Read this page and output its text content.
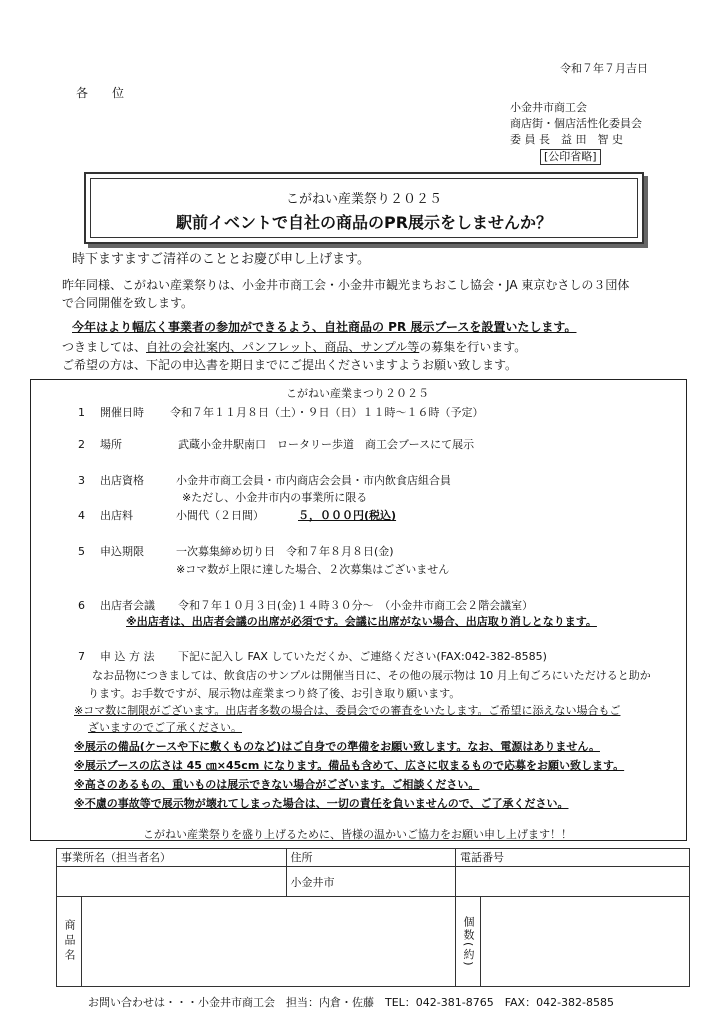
令和７年７月吉日
各　位
小金井市商工会
商店街・個店活性化委員会
委 員 長　益 田　智 史
[公印省略]
こがねい産業祭り２０２５
駅前イベントで自社の商品のPR展示をしませんか？
時下ますますご清祥のこととお慶び申し上げます。
昨年同様、こがねい産業祭りは、小金井市商工会・小金井市観光まちおこし協会・JA 東京むさしの３団体
で合同開催を致します。
今年はより幅広く事業者の参加ができるよう、自社商品の PR 展示ブースを設置いたします。
つきましては、自社の会社案内、パンフレット、商品、サンプル等の募集を行います。
ご希望の方は、下記の申込書を期日までにご提出くださいますようお願い致します。
こがねい産業まつり２０２５
1 開催日時 令和７年１１月８日（土）・９日（日）１１時～１６時（予定）
2 場所	武蔵小金井駅南口　ロータリー歩道　商工会ブースにて展示
3 出店資格	小金井市商工会員・市内商店会会員・市内飲食店組合員
※ただし、小金井市内の事業所に限る
4 出店料	小間代（２日間）	５，０００円(税込)
5 申込期限	一次募集締め切り日　令和７年８月８日(金)
※コマ数が上限に達した場合、２次募集はございません
6 出店者会議 令和７年１０月３日(金)１４時３０分～　（小金井市商工会２階会議室）
※出店者は、出店者会議の出席が必須です。会議に出席がない場合、出店取り消しとなります。
7 申 込 方 法 下記に記入し FAX していただくか、ご連絡ください(FAX:042-382-8585)
なお品物につきましては、飲食店のサンプルは開催当日に、その他の展示物は 10 月上旬ごろにいただけると助か
ります。お手数ですが、展示物は産業まつり終了後、お引き取り願います。
※コマ数に制限がございます。出店者多数の場合は、委員会での審査をいたします。ご希望に添えない場合もご
ざいますのでご了承ください。
※展示の備品(ケースや下に敷くものなど)はご自身での準備をお願い致します。なお、電源はありません。
※展示ブースの広さは 45 ㎝×45cm になります。備品も含めて、広さに収まるもので応募をお願い致します。
※高さのあるもの、重いものは展示できない場合がございます。ご相談ください。
※不慮の事故等で展示物が壊れてしまった場合は、一切の責任を負いませんので、ご了承ください。
こがねい産業祭りを盛り上げるために、皆様の温かいご協力をお願い申し上げます！！
事業所名（担当者名）		住所	電話番号	
		小金井市		
商品名			個数(約)	
お問い合わせは・・・小金井市商工会　担当：内倉・佐藤　TEL：042-381-8765　FAX：042-382-8585
